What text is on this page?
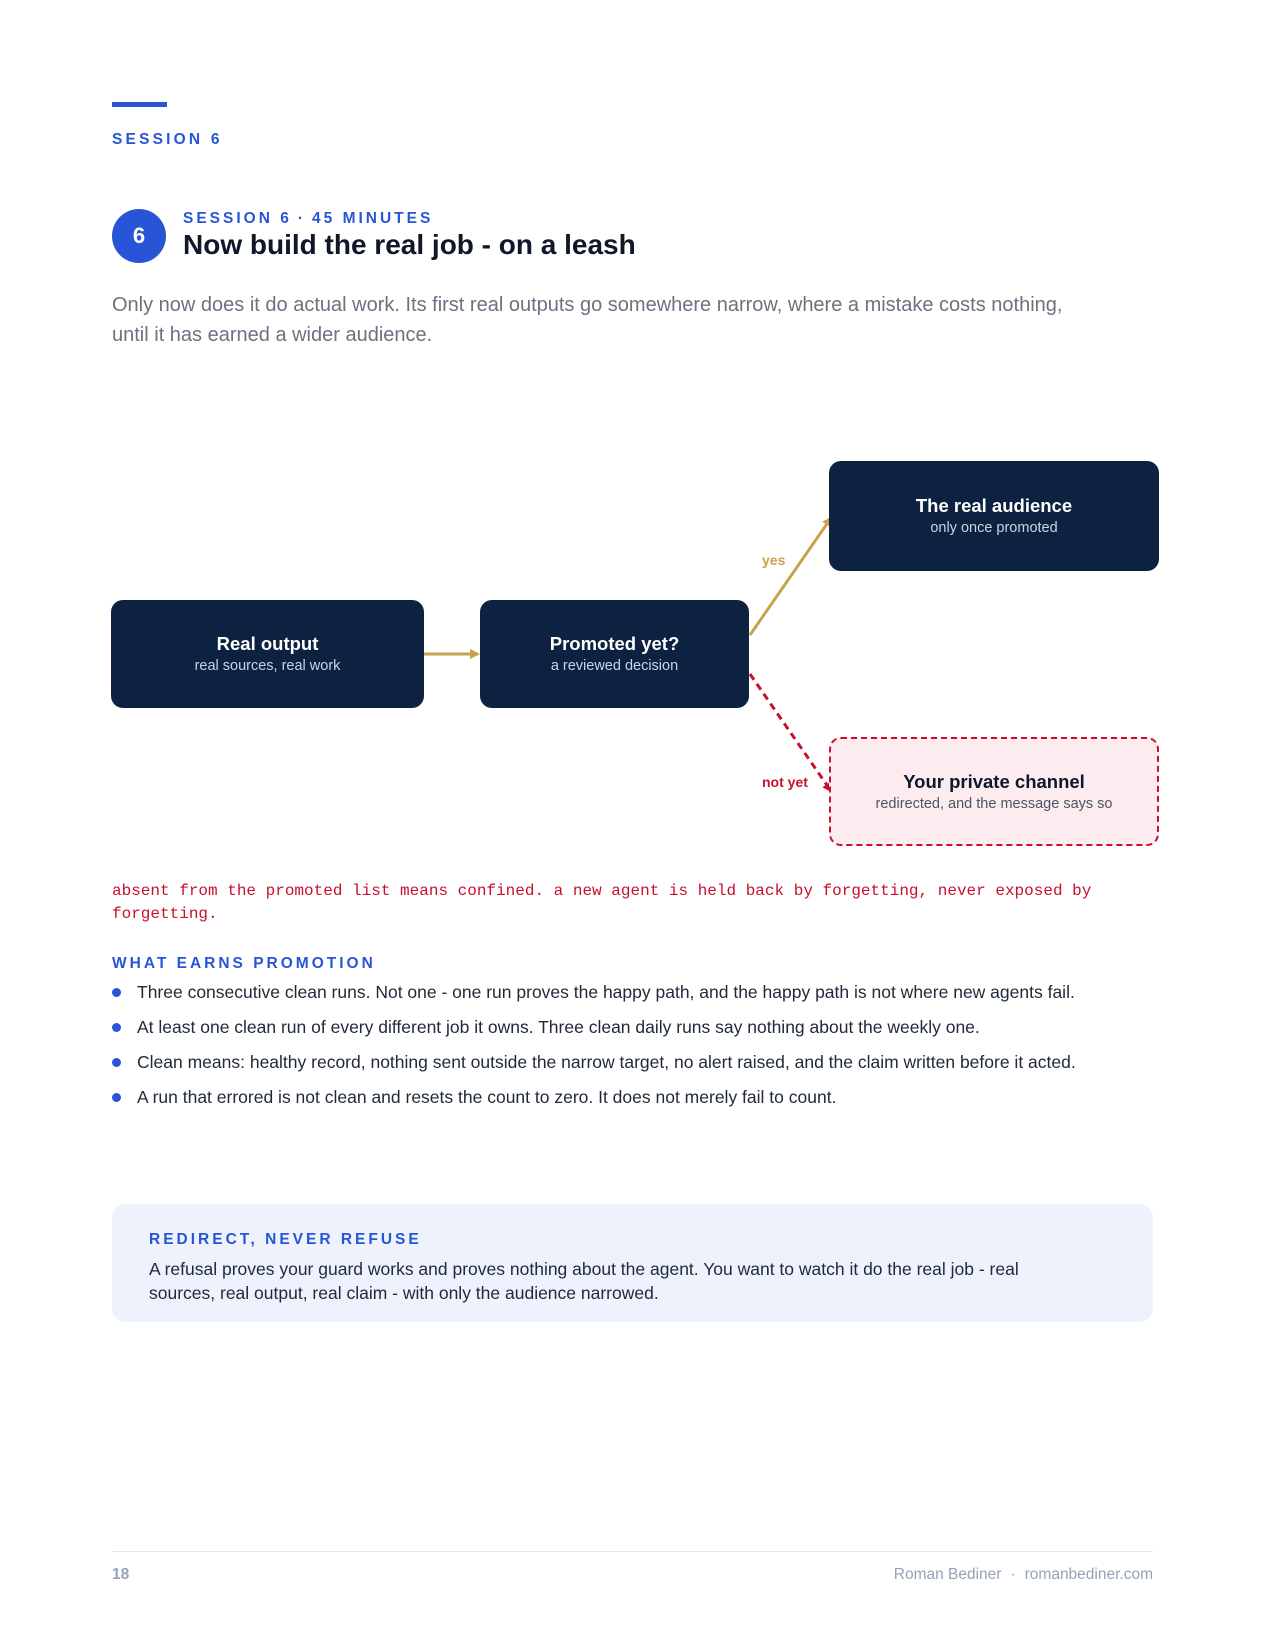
SESSION 6
6
SESSION 6 · 45 MINUTES
Now build the real job - on a leash
Only now does it do actual work. Its first real outputs go somewhere narrow, where a mistake costs nothing, until it has earned a wider audience.
Real output
real sources, real work
Promoted yet?
a reviewed decision
The real audience
only once promoted
Your private channel
redirected, and the message says so
yes
not yet
absent from the promoted list means confined. a new agent is held back by forgetting, never exposed by forgetting.
WHAT EARNS PROMOTION
Three consecutive clean runs. Not one - one run proves the happy path, and the happy path is not where new agents fail.
At least one clean run of every different job it owns. Three clean daily runs say nothing about the weekly one.
Clean means: healthy record, nothing sent outside the narrow target, no alert raised, and the claim written before it acted.
A run that errored is not clean and resets the count to zero. It does not merely fail to count.
REDIRECT, NEVER REFUSE
A refusal proves your guard works and proves nothing about the agent. You want to watch it do the real job - real sources, real output, real claim - with only the audience narrowed.
18	Roman Bediner · romanbediner.com
